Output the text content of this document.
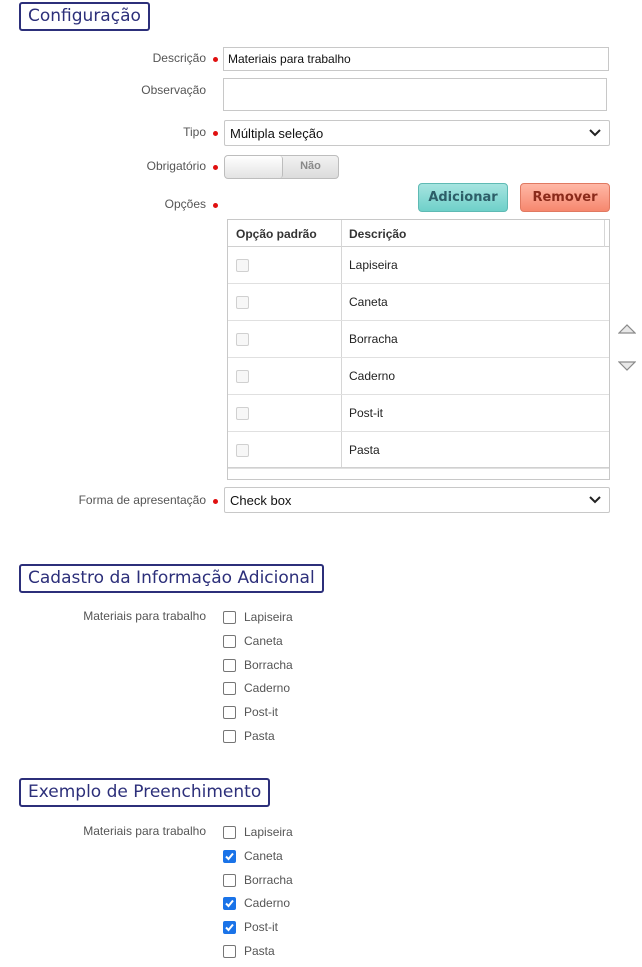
Configuração
Descrição	Materiais para trabalho
Observação
Tipo Múltipla seleção
Obrigatório	Não
Opções	Adicionar	Remover
Opção padrão	Descrição
Lapiseira
Caneta
Borracha
Caderno
Post-it
Pasta
Forma de apresentação Check box
Cadastro da Informação Adicional
Materiais para trabalho	Lapiseira
Caneta
Borracha
Caderno
Post-it
Pasta
Exemplo de Preenchimento
Materiais para trabalho	Lapiseira
Caneta
Borracha
Caderno
Post-it
Pasta
